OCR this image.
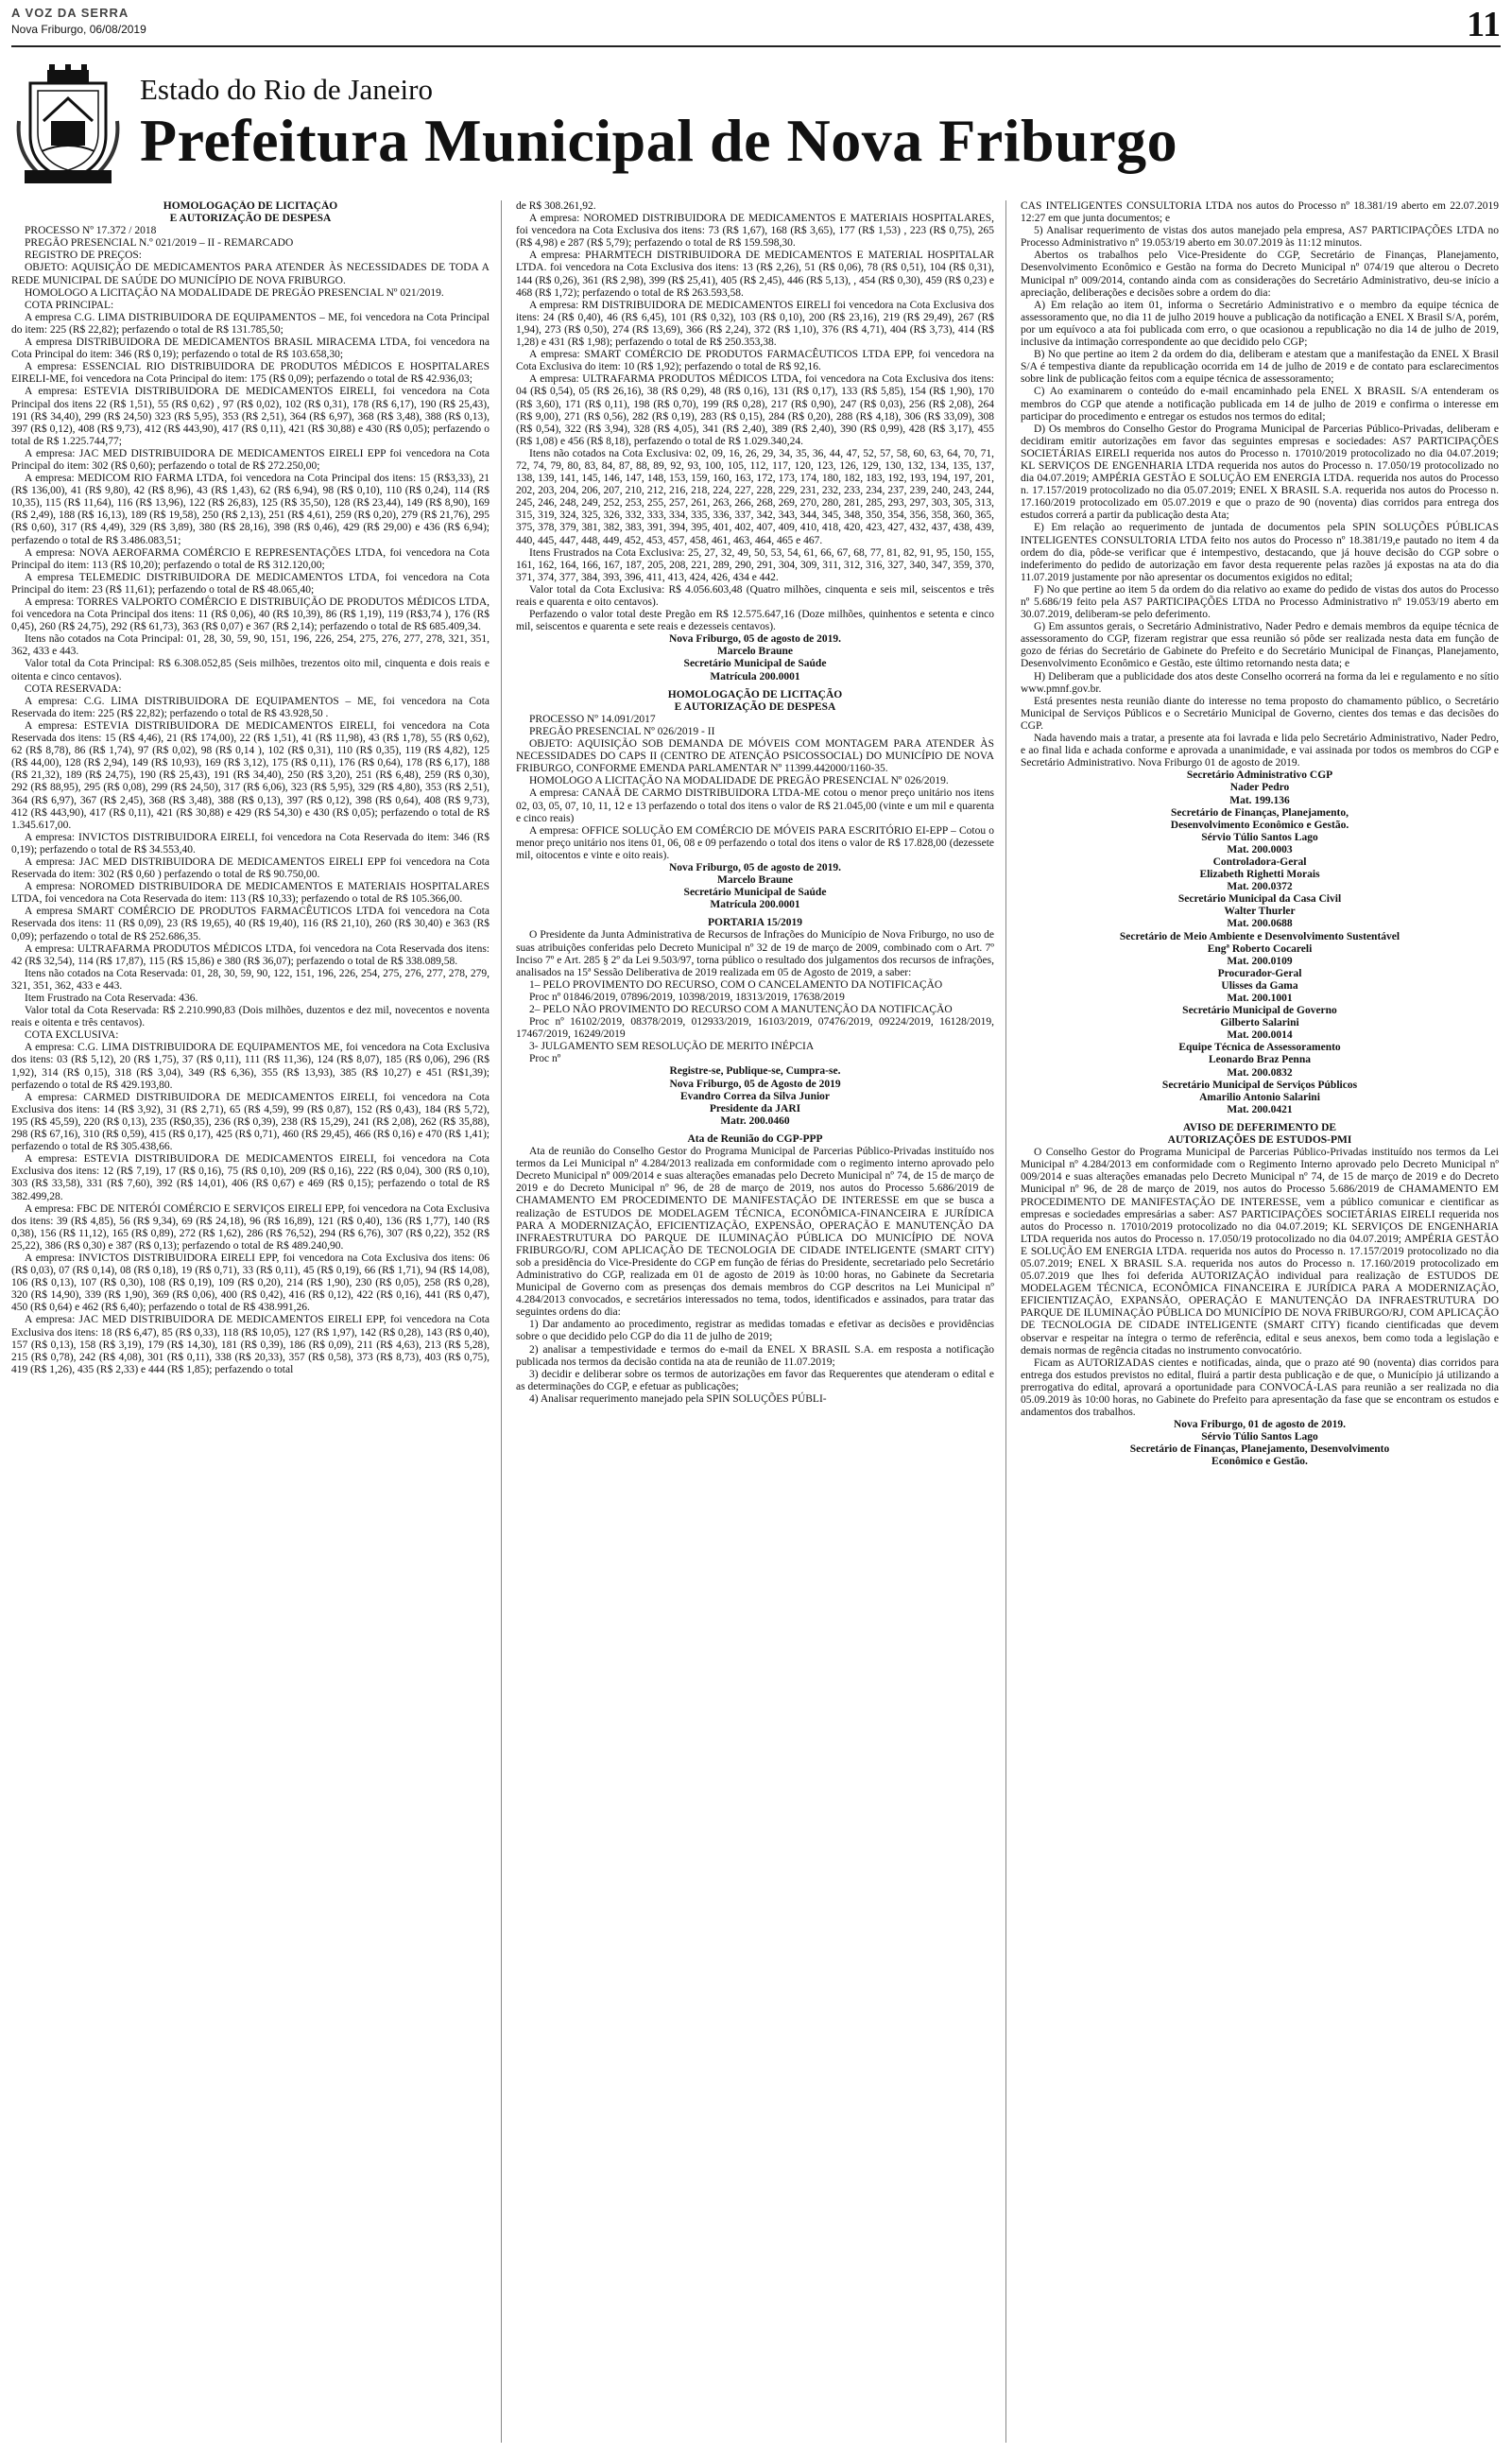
A VOZ DA SERRA
Nova Friburgo, 06/08/2019	11
Estado do Rio de Janeiro
Prefeitura Municipal de Nova Friburgo

HOMOLOGAÇÃO DE LICITAÇÃO

E AUTORIZAÇÃO DE DESPESA

PROCESSO Nº 17.372 / 2018

PREGÃO PRESENCIAL N.º 021/2019 – II - REMARCADO

REGISTRO DE PREÇOS:

OBJETO: AQUISIÇÃO DE MEDICAMENTOS PARA ATENDER ÀS NECESSIDADES DE TODA A REDE MUNICIPAL DE SAÚDE DO MUNICÍPIO DE NOVA FRIBURGO.

HOMOLOGO A LICITAÇÃO NA MODALIDADE DE PREGÃO PRESENCIAL Nº 021/2019.

COTA PRINCIPAL:

A empresa C.G. LIMA DISTRIBUIDORA DE EQUIPAMENTOS – ME, foi vencedora na Cota Principal do item: 225 (R$ 22,82); perfazendo o total de R$ 131.785,50;

A empresa DISTRIBUIDORA DE MEDICAMENTOS BRASIL MIRACEMA LTDA, foi vencedora na Cota Principal do item: 346 (R$ 0,19); perfazendo o total de R$ 103.658,30;

A empresa: ESSENCIAL RIO DISTRIBUIDORA DE PRODUTOS MÉDICOS E HOSPITALARES EIRELI-ME, foi vencedora na Cota Principal do item: 175 (R$ 0,09); perfazendo o total de R$ 42.936,03;

A empresa: ESTEVIA DISTRIBUIDORA DE MEDICAMENTOS EIRELI, foi vencedora na Cota Principal dos itens 22 (R$ 1,51), 55 (R$ 0,62) , 97 (R$ 0,02), 102 (R$ 0,31), 178 (R$ 6,17), 190 (R$ 25,43), 191 (R$ 34,40), 299 (R$ 24,50) 323 (R$ 5,95), 353 (R$ 2,51), 364 (R$ 6,97), 368 (R$ 3,48), 388 (R$ 0,13), 397 (R$ 0,12), 408 (R$ 9,73), 412 (R$ 443,90), 417 (R$ 0,11), 421 (R$ 30,88) e 430 (R$ 0,05); perfazendo o total de R$ 1.225.744,77;

A empresa: JAC MED DISTRIBUIDORA DE MEDICAMENTOS EIRELI EPP foi vencedora na Cota Principal do item: 302 (R$ 0,60); perfazendo o total de R$ 272.250,00;

A empresa: MEDICOM RIO FARMA LTDA, foi vencedora na Cota Principal dos itens: 15 (R$3,33), 21 (R$ 136,00), 41 (R$ 9,80), 42 (R$ 8,96), 43 (R$ 1,43), 62 (R$ 6,94), 98 (R$ 0,10), 110 (R$ 0,24), 114 (R$ 10,35), 115 (R$ 11,64), 116 (R$ 13,96), 122 (R$ 26,83), 125 (R$ 35,50), 128 (R$ 23,44), 149 (R$ 8,90), 169 (R$ 2,49), 188 (R$ 16,13), 189 (R$ 19,58), 250 (R$ 2,13), 251 (R$ 4,61), 259 (R$ 0,20), 279 (R$ 21,76), 295 (R$ 0,60), 317 (R$ 4,49), 329 (R$ 3,89), 380 (R$ 28,16), 398 (R$ 0,46), 429 (R$ 29,00) e 436 (R$ 6,94); perfazendo o total de R$ 3.486.083,51;

A empresa: NOVA AEROFARMA COMÉRCIO E REPRESENTAÇÕES LTDA, foi vencedora na Cota Principal do item: 113 (R$ 10,20); perfazendo o total de R$ 312.120,00;

A empresa TELEMEDIC DISTRIBUIDORA DE MEDICAMENTOS LTDA, foi vencedora na Cota Principal do item: 23 (R$ 11,61); perfazendo o total de R$ 48.065,40;

A empresa: TORRES VALPORTO COMÉRCIO E DISTRIBUIÇÃO DE PRODUTOS MÉDICOS LTDA, foi vencedora na Cota Principal dos itens: 11 (R$ 0,06), 40 (R$ 10,39), 86 (R$ 1,19), 119 (R$3,74 ), 176 (R$ 0,45), 260 (R$ 24,75), 292 (R$ 61,73), 363 (R$ 0,07) e 367 (R$ 2,14); perfazendo o total de R$ 685.409,34.

Itens não cotados na Cota Principal: 01, 28, 30, 59, 90, 151, 196, 226, 254, 275, 276, 277, 278, 321, 351, 362, 433 e 443.

Valor total da Cota Principal: R$ 6.308.052,85 (Seis milhões, trezentos oito mil, cinquenta e dois reais e oitenta e cinco centavos).

COTA RESERVADA:

A empresa: C.G. LIMA DISTRIBUIDORA DE EQUIPAMENTOS – ME, foi vencedora na Cota Reservada do item: 225 (R$ 22,82); perfazendo o total de R$ 43.928,50 .

A empresa: ESTEVIA DISTRIBUIDORA DE MEDICAMENTOS EIRELI, foi vencedora na Cota Reservada dos itens: 15 (R$ 4,46), 21 (R$ 174,00), 22 (R$ 1,51), 41 (R$ 11,98), 43 (R$ 1,78), 55 (R$ 0,62), 62 (R$ 8,78), 86 (R$ 1,74), 97 (R$ 0,02), 98 (R$ 0,14 ), 102 (R$ 0,31), 110 (R$ 0,35), 119 (R$ 4,82), 125 (R$ 44,00), 128 (R$ 2,94), 149 (R$ 10,93), 169 (R$ 3,12), 175 (R$ 0,11), 176 (R$ 0,64), 178 (R$ 6,17), 188 (R$ 21,32), 189 (R$ 24,75), 190 (R$ 25,43), 191 (R$ 34,40), 250 (R$ 3,20), 251 (R$ 6,48), 259 (R$ 0,30), 292 (R$ 88,95), 295 (R$ 0,08), 299 (R$ 24,50), 317 (R$ 6,06), 323 (R$ 5,95), 329 (R$ 4,80), 353 (R$ 2,51), 364 (R$ 6,97), 367 (R$ 2,45), 368 (R$ 3,48), 388 (R$ 0,13), 397 (R$ 0,12), 398 (R$ 0,64), 408 (R$ 9,73), 412 (R$ 443,90), 417 (R$ 0,11), 421 (R$ 30,88) e 429 (R$ 54,30) e 430 (R$ 0,05); perfazendo o total de R$ 1.345.617,00.

A empresa: INVICTOS DISTRIBUIDORA EIRELI, foi vencedora na Cota Reservada do item: 346 (R$ 0,19); perfazendo o total de R$ 34.553,40.

A empresa: JAC MED DISTRIBUIDORA DE MEDICAMENTOS EIRELI EPP foi vencedora na Cota Reservada do item: 302 (R$ 0,60 ) perfazendo o total de R$ 90.750,00.

A empresa: NOROMED DISTRIBUIDORA DE MEDICAMENTOS E MATERIAIS HOSPITALARES LTDA, foi vencedora na Cota Reservada do item: 113 (R$ 10,33); perfazendo o total de R$ 105.366,00.

A empresa SMART COMÉRCIO DE PRODUTOS FARMACÊUTICOS LTDA foi vencedora na Cota Reservada dos itens: 11 (R$ 0,09), 23 (R$ 19,65), 40 (R$ 19,40), 116 (R$ 21,10), 260 (R$ 30,40) e 363 (R$ 0,09); perfazendo o total de R$ 252.686,35.

A empresa: ULTRAFARMA PRODUTOS MÉDICOS LTDA, foi vencedora na Cota Reservada dos itens: 42 (R$ 32,54), 114 (R$ 17,87), 115 (R$ 15,86) e 380 (R$ 36,07); perfazendo o total de R$ 338.089,58.

Itens não cotados na Cota Reservada: 01, 28, 30, 59, 90, 122, 151, 196, 226, 254, 275, 276, 277, 278, 279, 321, 351, 362, 433 e 443.

Item Frustrado na Cota Reservada: 436.

Valor total da Cota Reservada: R$ 2.210.990,83 (Dois milhões, duzentos e dez mil, novecentos e noventa reais e oitenta e três centavos).

COTA EXCLUSIVA:

A empresa: C.G. LIMA DISTRIBUIDORA DE EQUIPAMENTOS ME, foi vencedora na Cota Exclusiva dos itens: 03 (R$ 5,12), 20 (R$ 1,75), 37 (R$ 0,11), 111 (R$ 11,36), 124 (R$ 8,07), 185 (R$ 0,06), 296 (R$ 1,92), 314 (R$ 0,15), 318 (R$ 3,04), 349 (R$ 6,36), 355 (R$ 13,93), 385 (R$ 10,27) e 451 (R$1,39); perfazendo o total de R$ 429.193,80.

A empresa: CARMED DISTRIBUIDORA DE MEDICAMENTOS EIRELI, foi vencedora na Cota Exclusiva dos itens: 14 (R$ 3,92), 31 (R$ 2,71), 65 (R$ 4,59), 99 (R$ 0,87), 152 (R$ 0,43), 184 (R$ 5,72), 195 (R$ 45,59), 220 (R$ 0,13), 235 (R$0,35), 236 (R$ 0,39), 238 (R$ 15,29), 241 (R$ 2,08), 262 (R$ 35,88), 298 (R$ 67,16), 310 (R$ 0,59), 415 (R$ 0,17), 425 (R$ 0,71), 460 (R$ 29,45), 466 (R$ 0,16) e 470 (R$ 1,41); perfazendo o total de R$ 305.438,66.

A empresa: ESTEVIA DISTRIBUIDORA DE MEDICAMENTOS EIRELI, foi vencedora na Cota Exclusiva dos itens: 12 (R$ 7,19), 17 (R$ 0,16), 75 (R$ 0,10), 209 (R$ 0,16), 222 (R$ 0,04), 300 (R$ 0,10), 303 (R$ 33,58), 331 (R$ 7,60), 392 (R$ 14,01), 406 (R$ 0,67) e 469 (R$ 0,15); perfazendo o total de R$ 382.499,28.

A empresa: FBC DE NITERÓI COMÉRCIO E SERVIÇOS EIRELI EPP, foi vencedora na Cota Exclusiva dos itens: 39 (R$ 4,85), 56 (R$ 9,34), 69 (R$ 24,18), 96 (R$ 16,89), 121 (R$ 0,40), 136 (R$ 1,77), 140 (R$ 0,38), 156 (R$ 11,12), 165 (R$ 0,89), 272 (R$ 1,62), 286 (R$ 76,52), 294 (R$ 6,76), 307 (R$ 0,22), 352 (R$ 25,22), 386 (R$ 0,30) e 387 (R$ 0,13); perfazendo o total de R$ 489.240,90.

A empresa: INVICTOS DISTRIBUIDORA EIRELI EPP, foi vencedora na Cota Exclusiva dos itens: 06 (R$ 0,03), 07 (R$ 0,14), 08 (R$ 0,18), 19 (R$ 0,71), 33 (R$ 0,11), 45 (R$ 0,19), 66 (R$ 1,71), 94 (R$ 14,08), 106 (R$ 0,13), 107 (R$ 0,30), 108 (R$ 0,19), 109 (R$ 0,20), 214 (R$ 1,90), 230 (R$ 0,05), 258 (R$ 0,28), 320 (R$ 14,90), 339 (R$ 1,90), 369 (R$ 0,06), 400 (R$ 0,42), 416 (R$ 0,12), 422 (R$ 0,16), 441 (R$ 0,47), 450 (R$ 0,64) e 462 (R$ 6,40); perfazendo o total de R$ 438.991,26.

A empresa: JAC MED DISTRIBUIDORA DE MEDICAMENTOS EIRELI EPP, foi vencedora na Cota Exclusiva dos itens: 18 (R$ 6,47), 85 (R$ 0,33), 118 (R$ 10,05), 127 (R$ 1,97), 142 (R$ 0,28), 143 (R$ 0,40), 157 (R$ 0,13), 158 (R$ 3,19), 179 (R$ 14,30), 181 (R$ 0,39), 186 (R$ 0,09), 211 (R$ 4,63), 213 (R$ 5,28), 215 (R$ 0,78), 242 (R$ 4,08), 301 (R$ 0,11), 338 (R$ 20,33), 357 (R$ 0,58), 373 (R$ 8,73), 403 (R$ 0,75), 419 (R$ 1,26), 435 (R$ 2,33) e 444 (R$ 1,85); perfazendo o total

de R$ 308.261,92.

A empresa: NOROMED DISTRIBUIDORA DE MEDICAMENTOS E MATERIAIS HOSPITALARES, foi vencedora na Cota Exclusiva dos itens: 73 (R$ 1,67), 168 (R$ 3,65), 177 (R$ 1,53) , 223 (R$ 0,75), 265 (R$ 4,98) e 287 (R$ 5,79); perfazendo o total de R$ 159.598,30.

A empresa: PHARMTECH DISTRIBUIDORA DE MEDICAMENTOS E MATERIAL HOSPITALAR LTDA. foi vencedora na Cota Exclusiva dos itens: 13 (R$ 2,26), 51 (R$ 0,06), 78 (R$ 0,51), 104 (R$ 0,31), 144 (R$ 0,26), 361 (R$ 2,98), 399 (R$ 25,41), 405 (R$ 2,45), 446 (R$ 5,13), , 454 (R$ 0,30), 459 (R$ 0,23) e 468 (R$ 1,72); perfazendo o total de R$ 263.593,58.

A empresa: RM DISTRIBUIDORA DE MEDICAMENTOS EIRELI foi vencedora na Cota Exclusiva dos itens: 24 (R$ 0,40), 46 (R$ 6,45), 101 (R$ 0,32), 103 (R$ 0,10), 200 (R$ 23,16), 219 (R$ 29,49), 267 (R$ 1,94), 273 (R$ 0,50), 274 (R$ 13,69), 366 (R$ 2,24), 372 (R$ 1,10), 376 (R$ 4,71), 404 (R$ 3,73), 414 (R$ 1,28) e 431 (R$ 1,98); perfazendo o total de R$ 250.353,38.

A empresa: SMART COMÉRCIO DE PRODUTOS FARMACÊUTICOS LTDA EPP, foi vencedora na Cota Exclusiva do item: 10 (R$ 1,92); perfazendo o total de R$ 92,16.

A empresa: ULTRAFARMA PRODUTOS MÉDICOS LTDA, foi vencedora na Cota Exclusiva dos itens: 04 (R$ 0,54), 05 (R$ 26,16), 38 (R$ 0,29), 48 (R$ 0,16), 131 (R$ 0,17), 133 (R$ 5,85), 154 (R$ 1,90), 170 (R$ 3,60), 171 (R$ 0,11), 198 (R$ 0,70), 199 (R$ 0,28), 217 (R$ 0,90), 247 (R$ 0,03), 256 (R$ 2,08), 264 (R$ 9,00), 271 (R$ 0,56), 282 (R$ 0,19), 283 (R$ 0,15), 284 (R$ 0,20), 288 (R$ 4,18), 306 (R$ 33,09), 308 (R$ 0,54), 322 (R$ 3,94), 328 (R$ 4,05), 341 (R$ 2,40), 389 (R$ 2,40), 390 (R$ 0,99), 428 (R$ 3,17), 455 (R$ 1,08) e 456 (R$ 8,18), perfazendo o total de R$ 1.029.340,24.

Itens não cotados na Cota Exclusiva: 02, 09, 16, 26, 29, 34, 35, 36, 44, 47, 52, 57, 58, 60, 63, 64, 70, 71, 72, 74, 79, 80, 83, 84, 87, 88, 89, 92, 93, 100, 105, 112, 117, 120, 123, 126, 129, 130, 132, 134, 135, 137, 138, 139, 141, 145, 146, 147, 148, 153, 159, 160, 163, 172, 173, 174, 180, 182, 183, 192, 193, 194, 197, 201, 202, 203, 204, 206, 207, 210, 212, 216, 218, 224, 227, 228, 229, 231, 232, 233, 234, 237, 239, 240, 243, 244, 245, 246, 248, 249, 252, 253, 255, 257, 261, 263, 266, 268, 269, 270, 280, 281, 285, 293, 297, 303, 305, 313, 315, 319, 324, 325, 326, 332, 333, 334, 335, 336, 337, 342, 343, 344, 345, 348, 350, 354, 356, 358, 360, 365, 375, 378, 379, 381, 382, 383, 391, 394, 395, 401, 402, 407, 409, 410, 418, 420, 423, 427, 432, 437, 438, 439, 440, 445, 447, 448, 449, 452, 453, 457, 458, 461, 463, 464, 465 e 467.

Itens Frustrados na Cota Exclusiva: 25, 27, 32, 49, 50, 53, 54, 61, 66, 67, 68, 77, 81, 82, 91, 95, 150, 155, 161, 162, 164, 166, 167, 187, 205, 208, 221, 289, 290, 291, 304, 309, 311, 312, 316, 327, 340, 347, 359, 370, 371, 374, 377, 384, 393, 396, 411, 413, 424, 426, 434 e 442.

Valor total da Cota Exclusiva: R$ 4.056.603,48 (Quatro milhões, cinquenta e seis mil, seiscentos e três reais e quarenta e oito centavos).

Perfazendo o valor total deste Pregão em R$ 12.575.647,16 (Doze milhões, quinhentos e setenta e cinco mil, seiscentos e quarenta e sete reais e dezesseis centavos).

Nova Friburgo, 05 de agosto de 2019.

Marcelo Braune

Secretário Municipal de Saúde

Matrícula 200.0001

HOMOLOGAÇÃO DE LICITAÇÃO

E AUTORIZAÇÃO DE DESPESA

PROCESSO Nº 14.091/2017

PREGÃO PRESENCIAL Nº 026/2019 - II

OBJETO: AQUISIÇÃO SOB DEMANDA DE MÓVEIS COM MONTAGEM PARA ATENDER ÀS NECESSIDADES DO CAPS II (CENTRO DE ATENÇÃO PSICOSSOCIAL) DO MUNICÍPIO DE NOVA FRIBURGO, CONFORME EMENDA PARLAMENTAR Nº 11399.442000/1160-35.

HOMOLOGO A LICITAÇÃO NA MODALIDADE DE PREGÃO PRESENCIAL Nº 026/2019.

A empresa: CANAÃ DE CARMO DISTRIBUIDORA LTDA-ME cotou o menor preço unitário nos itens 02, 03, 05, 07, 10, 11, 12 e 13 perfazendo o total dos itens o valor de R$ 21.045,00 (vinte e um mil e quarenta e cinco reais)

A empresa: OFFICE SOLUÇÃO EM COMÉRCIO DE MÓVEIS PARA ESCRITÓRIO EI-EPP – Cotou o menor preço unitário nos itens 01, 06, 08 e 09 perfazendo o total dos itens o valor de R$ 17.828,00 (dezessete mil, oitocentos e vinte e oito reais).

Nova Friburgo, 05 de agosto de 2019.

Marcelo Braune

Secretário Municipal de Saúde

Matrícula 200.0001

PORTARIA 15/2019

O Presidente da Junta Administrativa de Recursos de Infrações do Município de Nova Friburgo, no uso de suas atribuições conferidas pelo Decreto Municipal nº 32 de 19 de março de 2009, combinado com o Art. 7º Inciso 7º e Art. 285 § 2º da Lei 9.503/97, torna público o resultado dos julgamentos dos recursos de infrações, analisados na 15ª Sessão Deliberativa de 2019 realizada em 05 de Agosto de 2019, a saber:

1– PELO PROVIMENTO DO RECURSO, COM O CANCELAMENTO DA NOTIFICAÇÃO

Proc nº 01846/2019, 07896/2019, 10398/2019, 18313/2019, 17638/2019

2– PELO NÃO PROVIMENTO DO RECURSO COM A MANUTENÇÃO DA NOTIFICAÇÃO

Proc nº 16102/2019, 08378/2019, 012933/2019, 16103/2019, 07476/2019, 09224/2019, 16128/2019, 17467/2019, 16249/2019

3- JULGAMENTO SEM RESOLUÇÃO DE MERITO INÉPCIA

Proc nº

Registre-se, Publique-se, Cumpra-se.

Nova Friburgo, 05 de Agosto de 2019

Evandro Correa da Silva Junior

Presidente da JARI

Matr. 200.0460

Ata de Reunião do CGP-PPP

Ata de reunião do Conselho Gestor do Programa Municipal de Parcerias Público-Privadas instituído nos termos da Lei Municipal nº 4.284/2013 realizada em conformidade com o regimento interno aprovado pelo Decreto Municipal nº 009/2014 e suas alterações emanadas pelo Decreto Municipal nº 74, de 15 de março de 2019 e do Decreto Municipal nº 96, de 28 de março de 2019, nos autos do Processo 5.686/2019 de CHAMAMENTO EM PROCEDIMENTO DE MANIFESTAÇÃO DE INTERESSE em que se busca a realização de ESTUDOS DE MODELAGEM TÉCNICA, ECONÔMICA-FINANCEIRA E JURÍDICA PARA A MODERNIZAÇÃO, EFICIENTIZAÇÃO, EXPENSÃO, OPERAÇÃO E MANUTENÇÃO DA INFRAESTRUTURA DO PARQUE DE ILUMINAÇÃO PÚBLICA DO MUNICÍPIO DE NOVA FRIBURGO/RJ, COM APLICAÇÃO DE TECNOLOGIA DE CIDADE INTELIGENTE (SMART CITY) sob a presidência do Vice-Presidente do CGP em função de férias do Presidente, secretariado pelo Secretário Administrativo do CGP, realizada em 01 de agosto de 2019 às 10:00 horas, no Gabinete da Secretaria Municipal de Governo com as presenças dos demais membros do CGP descritos na Lei Municipal nº 4.284/2013 convocados, e secretários interessados no tema, todos, identificados e assinados, para tratar das seguintes ordens do dia:

1) Dar andamento ao procedimento, registrar as medidas tomadas e efetivar as decisões e providências sobre o que decidido pelo CGP do dia 11 de julho de 2019;

2) analisar a tempestividade e termos do e-mail da ENEL X BRASIL S.A. em resposta a notificação publicada nos termos da decisão contida na ata de reunião de 11.07.2019;

3) decidir e deliberar sobre os termos de autorizações em favor das Requerentes que atenderam o edital e as determinações do CGP, e efetuar as publicações;

4) Analisar requerimento manejado pela SPIN SOLUÇÕES PÚBLI-

CAS INTELIGENTES CONSULTORIA LTDA nos autos do Processo nº 18.381/19 aberto em 22.07.2019 12:27 em que junta documentos; e

5) Analisar requerimento de vistas dos autos manejado pela empresa, AS7 PARTICIPAÇÕES LTDA no Processo Administrativo nº 19.053/19 aberto em 30.07.2019 às 11:12 minutos.

Abertos os trabalhos pelo Vice-Presidente do CGP, Secretário de Finanças, Planejamento, Desenvolvimento Econômico e Gestão na forma do Decreto Municipal nº 074/19 que alterou o Decreto Municipal nº 009/2014, contando ainda com as considerações do Secretário Administrativo, deu-se início a apreciação, deliberações e decisões sobre a ordem do dia:

A) Em relação ao item 01, informa o Secretário Administrativo e o membro da equipe técnica de assessoramento que, no dia 11 de julho 2019 houve a publicação da notificação a ENEL X Brasil S/A, porém, por um equívoco a ata foi publicada com erro, o que ocasionou a republicação no dia 14 de julho de 2019, inclusive da intimação correspondente ao que decidido pelo CGP;

B) No que pertine ao item 2 da ordem do dia, deliberam e atestam que a manifestação da ENEL X Brasil S/A é tempestiva diante da republicação ocorrida em 14 de julho de 2019 e de contato para esclarecimentos sobre link de publicação feitos com a equipe técnica de assessoramento;

C) Ao examinarem o conteúdo do e-mail encaminhado pela ENEL X BRASIL S/A entenderam os membros do CGP que atende a notificação publicada em 14 de julho de 2019 e confirma o interesse em participar do procedimento e entregar os estudos nos termos do edital;

D) Os membros do Conselho Gestor do Programa Municipal de Parcerias Público-Privadas, deliberam e decidiram emitir autorizações em favor das seguintes empresas e sociedades: AS7 PARTICIPAÇÕES SOCIETÁRIAS EIRELI requerida nos autos do Processo n. 17010/2019 protocolizado no dia 04.07.2019; KL SERVIÇOS DE ENGENHARIA LTDA requerida nos autos do Processo n. 17.050/19 protocolizado no dia 04.07.2019; AMPÉRIA GESTÃO E SOLUÇÃO EM ENERGIA LTDA. requerida nos autos do Processo n. 17.157/2019 protocolizado no dia 05.07.2019; ENEL X BRASIL S.A. requerida nos autos do Processo n. 17.160/2019 protocolizado em 05.07.2019 e que o prazo de 90 (noventa) dias corridos para entrega dos estudos correrá a partir da publicação desta Ata;

E) Em relação ao requerimento de juntada de documentos pela SPIN SOLUÇÕES PÚBLICAS INTELIGENTES CONSULTORIA LTDA feito nos autos do Processo nº 18.381/19,e pautado no item 4 da ordem do dia, pôde-se verificar que é intempestivo, destacando, que já houve decisão do CGP sobre o indeferimento do pedido de autorização em favor desta requerente pelas razões já expostas na ata do dia 11.07.2019 justamente por não apresentar os documentos exigidos no edital;

F) No que pertine ao item 5 da ordem do dia relativo ao exame do pedido de vistas dos autos do Processo nº 5.686/19 feito pela AS7 PARTICIPAÇÕES LTDA no Processo Administrativo nº 19.053/19 aberto em 30.07.2019, deliberam-se pelo deferimento.

G) Em assuntos gerais, o Secretário Administrativo, Nader Pedro e demais membros da equipe técnica de assessoramento do CGP, fizeram registrar que essa reunião só pôde ser realizada nesta data em função de gozo de férias do Secretário de Gabinete do Prefeito e do Secretário Municipal de Finanças, Planejamento, Desenvolvimento Econômico e Gestão, este último retornando nesta data; e

H) Deliberam que a publicidade dos atos deste Conselho ocorrerá na forma da lei e regulamento e no sítio www.pmnf.gov.br.

Está presentes nesta reunião diante do interesse no tema proposto do chamamento público, o Secretário Municipal de Serviços Públicos e o Secretário Municipal de Governo, cientes dos temas e das decisões do CGP.

Nada havendo mais a tratar, a presente ata foi lavrada e lida pelo Secretário Administrativo, Nader Pedro, e ao final lida e achada conforme e aprovada a unanimidade, e vai assinada por todos os membros do CGP e Secretário Administrativo. Nova Friburgo 01 de agosto de 2019.

Secretário Administrativo CGP

Nader Pedro

Mat. 199.136

Secretário de Finanças, Planejamento,

Desenvolvimento Econômico e Gestão.

Sérvio Túlio Santos Lago

Mat. 200.0003

Controladora-Geral

Elizabeth Righetti Morais

Mat. 200.0372

Secretário Municipal da Casa Civil

Walter Thurler

Mat. 200.0688

Secretário de Meio Ambiente e Desenvolvimento Sustentável

Engª Roberto Cocareli

Mat. 200.0109

Procurador-Geral

Ulisses da Gama

Mat. 200.1001

Secretário Municipal de Governo

Gilberto Salarini

Mat. 200.0014

Equipe Técnica de Assessoramento

Leonardo Braz Penna

Mat. 200.0832

Secretário Municipal de Serviços Públicos

Amarilio Antonio Salarini

Mat. 200.0421

AVISO DE DEFERIMENTO DE

AUTORIZAÇÕES DE ESTUDOS-PMI

O Conselho Gestor do Programa Municipal de Parcerias Público-Privadas instituído nos termos da Lei Municipal nº 4.284/2013 em conformidade com o Regimento Interno aprovado pelo Decreto Municipal nº 009/2014 e suas alterações emanadas pelo Decreto Municipal nº 74, de 15 de março de 2019 e do Decreto Municipal nº 96, de 28 de março de 2019, nos autos do Processo 5.686/2019 de CHAMAMENTO EM PROCEDIMENTO DE MANIFESTAÇÃO DE INTERESSE, vem a público comunicar e cientificar as empresas e sociedades empresárias a saber: AS7 PARTICIPAÇÕES SOCIETÁRIAS EIRELI requerida nos autos do Processo n. 17010/2019 protocolizado no dia 04.07.2019; KL SERVIÇOS DE ENGENHARIA LTDA requerida nos autos do Processo n. 17.050/19 protocolizado no dia 04.07.2019; AMPÉRIA GESTÃO E SOLUÇÃO EM ENERGIA LTDA. requerida nos autos do Processo n. 17.157/2019 protocolizado no dia 05.07.2019; ENEL X BRASIL S.A. requerida nos autos do Processo n. 17.160/2019 protocolizado em 05.07.2019 que lhes foi deferida AUTORIZAÇÃO individual para realização de ESTUDOS DE MODELAGEM TÉCNICA, ECONÔMICA FINANCEIRA E JURÍDICA PARA A MODERNIZAÇÃO, EFICIENTIZAÇÃO, EXPANSÃO, OPERAÇÃO E MANUTENÇÃO DA INFRAESTRUTURA DO PARQUE DE ILUMINAÇÃO PÚBLICA DO MUNICÍPIO DE NOVA FRIBURGO/RJ, COM APLICAÇÃO DE TECNOLOGIA DE CIDADE INTELIGENTE (SMART CITY) ficando cientificadas que devem observar e respeitar na íntegra o termo de referência, edital e seus anexos, bem como toda a legislação e demais normas de regência citadas no instrumento convocatório.

Ficam as AUTORIZADAS cientes e notificadas, ainda, que o prazo até 90 (noventa) dias corridos para entrega dos estudos previstos no edital, fluirá a partir desta publicação e de que, o Município já utilizando a prerrogativa do edital, aprovará a oportunidade para CONVOCÁ-LAS para reunião a ser realizada no dia 05.09.2019 às 10:00 horas, no Gabinete do Prefeito para apresentação da fase que se encontram os estudos e andamentos dos trabalhos.

Nova Friburgo, 01 de agosto de 2019.

Sérvio Túlio Santos Lago

Secretário de Finanças, Planejamento, Desenvolvimento

Econômico e Gestão.
